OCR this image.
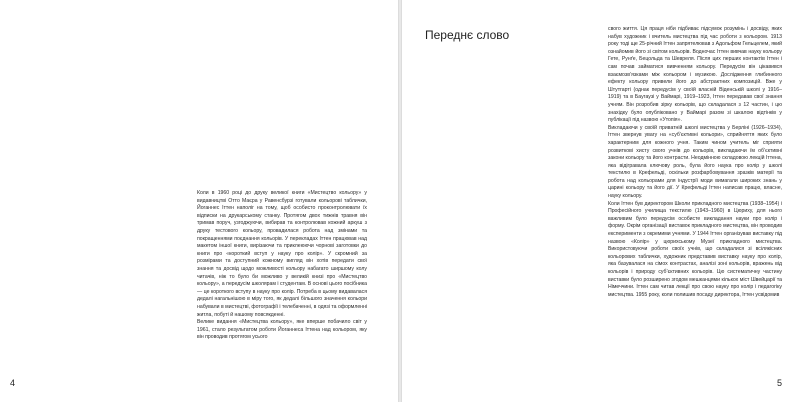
Коли в 1960 році до друку великої книги «Мистецтво кольору» у видавництві Отто Маєра у Равенсбурзі готували кольорові таблички, Йоганнес Іттен наполіг на тому, щоб особисто проконтролювати їх відписки на друкарському станку. Протягом двох тижнів травня він тримав поруч, узгоджуючи, вибирав та контролював кожний аркуш з друку тестового кольору, провадилася робота над змінами та покращеннями поєднання кольорів. У перекладах Іттен працював над макетом іншої книги, вирізаючи та приклеюючи чорнові заготовки до книги про «короткий вступ у науку про колір». У скромний за розмірами та доступний кожному вигляд він хотів передати свої знання та досвід щодо можливості кольору набагато ширшому колу читачів, ніж то було би можливо у великій книзі про «Мистецтво кольору», а передусім школярам і студентам. В основі цього посібника — це короткого вступу в науку про колір. Потреба в цьому видавалася дедалі нагальнішою в міру того, як дедалі більшого значення кольори набували в мистецтві, фотографії і телебаченні, в одязі та оформленні житла, побуті й нашому повсякденні.

Велике видання «Мистецтва кольору», яке вперше побачило світ у 1961, стало результатом роботи Йоганнеса Іттена над кольором, яку він проводив протягом усього

4
Переднє слово	свого життя. Ця праця ніби підбиває підсумок розумінь і досвіду, яких набув художник і вчитель мистецтва під час роботи з кольором. 1913 року тоді ще 25-річний Іттен запрятелював з Адольфом Гельцелем, який ознайомив його зі світом кольорів. Водночас Іттен вивчав науку кольору Гете, Рунґе, Бецольда та Шевреля. Після цих перших контактів Іттен і сам почав займатися вивченням кольору. Передусім він цікавився взаємозв’язками між кольором і музикою. Дослідження глибинного ефекту кольору привели його до абстрактних композицій. Вже у Штутгарті (однак передусім у своїй власній Віденській школі у 1916–1919) та в Баугаузі у Ваймарі, 1919–1923, Іттен передавав свої знання учням. Він розробив зірку кольорів, що складалася з 12 частин, і цю знахідку було опубліковано у Ваймарі разом зі шкалою відтінків у публікації під назвою «Утопія».

Викладаючи у своїй приватній школі мистецтва у Берліні (1926–1934), Іттен звернув увагу на «суб’єктивні кольори», сприйняття яких було характерним для кожного учня. Таким чином учитель міг сприяти розвиткові хисту свого учнів до кольорів, викладаючи їм об’єктивні закони кольору та його контрасти. Неодмінною складовою лекцій Іттена, яка відігравала ключову роль, була його наука про колір у школі текстилю в Крефельді, оскільки розфарбовування зразків матерії та робота над кольорами для індустрії моди вимагали широких знань у царині кольору та його дії. У Крефельді Іттен написав працю, власне, науку кольору.

Коли Іттен був директором Школи прикладного мистецтва (1938–1954) і Професійного училища текстилю (1943–1960) в Цюриху, для нього важливим було передусім особисте викладання науки про колір і форму. Окрім організації виставок прикладного мистецтва, він проводив експерименти з окремими учнями. У 1944 Іттен організував виставку під назвою «Колір» у цюрихському Музеї прикладного мистецтва. Використовуючи роботи своїх учнів, що складалися зі всілякісних кольорових таблички, художник представив виставку науку про колір, яка базувалася на сімох контрастах, аналізі зоні кольорів, вражень від кольорів і природу суб’єктивних кольорів. Цю систематичну частину виставки було розширено згодом мешканцями кількох міст Швейцарії та Німеччини. Іттен сам читав лекції про свою науку про колір і педагогіку мистецтва. 1955 року, коли полишив посаду директора, Іттен усвідомив

5
